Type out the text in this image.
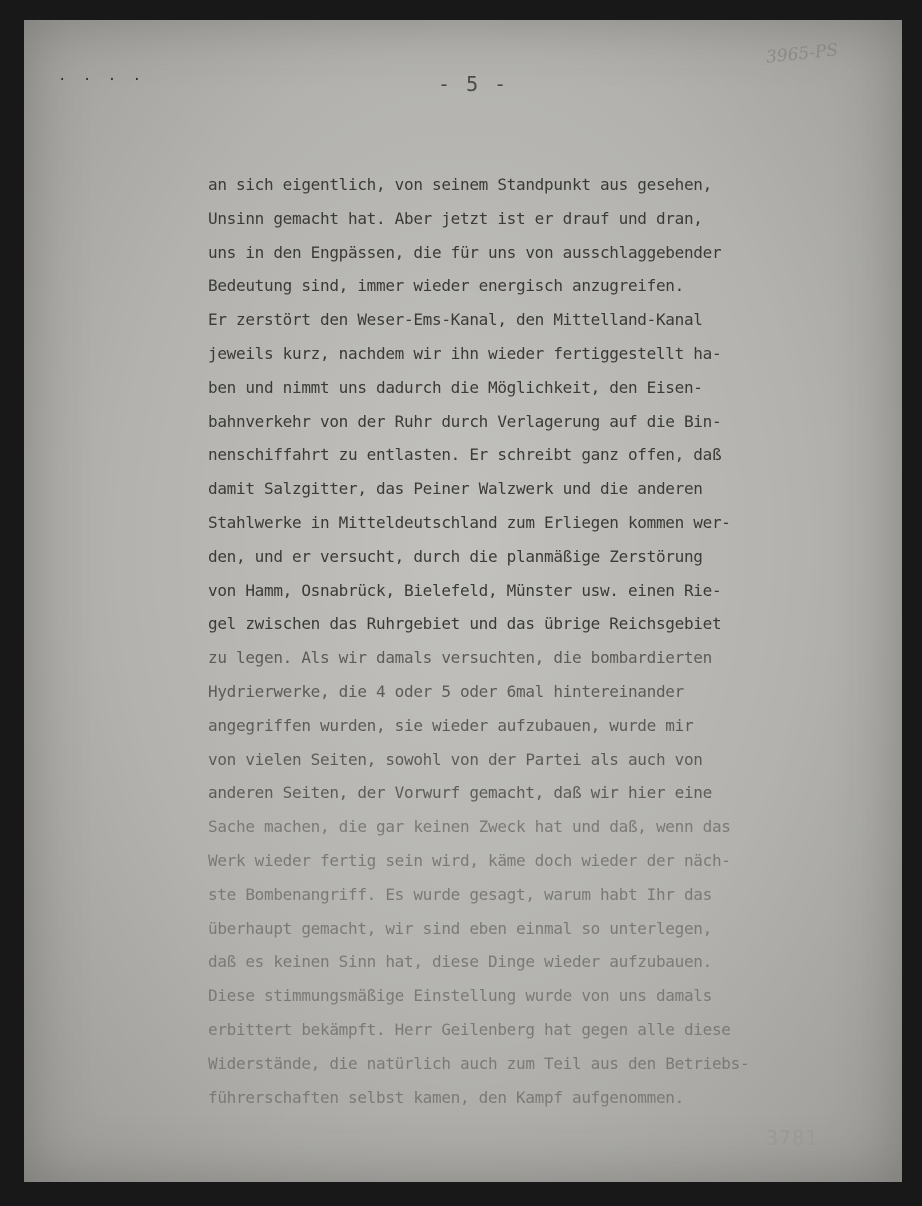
. . . .	- 5 -
3965-PS
an sich eigentlich, von seinem Standpunkt aus gesehen,
Unsinn gemacht hat. Aber jetzt ist er drauf und dran,
uns in den Engpässen, die für uns von ausschlaggebender
Bedeutung sind, immer wieder energisch anzugreifen.
Er zerstört den Weser-Ems-Kanal, den Mittelland-Kanal
jeweils kurz, nachdem wir ihn wieder fertiggestellt ha-
ben und nimmt uns dadurch die Möglichkeit, den Eisen-
bahnverkehr von der Ruhr durch Verlagerung auf die Bin-
nenschiffahrt zu entlasten. Er schreibt ganz offen, daß
damit Salzgitter, das Peiner Walzwerk und die anderen
Stahlwerke in Mitteldeutschland zum Erliegen kommen wer-
den, und er versucht, durch die planmäßige Zerstörung
von Hamm, Osnabrück, Bielefeld, Münster usw. einen Rie-
gel zwischen das Ruhrgebiet und das übrige Reichsgebiet
zu legen. Als wir damals versuchten, die bombardierten
Hydrierwerke, die 4 oder 5 oder 6mal hintereinander
angegriffen wurden, sie wieder aufzubauen, wurde mir
von vielen Seiten, sowohl von der Partei als auch von
anderen Seiten, der Vorwurf gemacht, daß wir hier eine
Sache machen, die gar keinen Zweck hat und daß, wenn das
Werk wieder fertig sein wird, käme doch wieder der näch-
ste Bombenangriff. Es wurde gesagt, warum habt Ihr das
überhaupt gemacht, wir sind eben einmal so unterlegen,
daß es keinen Sinn hat, diese Dinge wieder aufzubauen.
Diese stimmungsmäßige Einstellung wurde von uns damals
erbittert bekämpft. Herr Geilenberg hat gegen alle diese
Widerstände, die natürlich auch zum Teil aus den Betriebs-
führerschaften selbst kamen, den Kampf aufgenommen.
3781
